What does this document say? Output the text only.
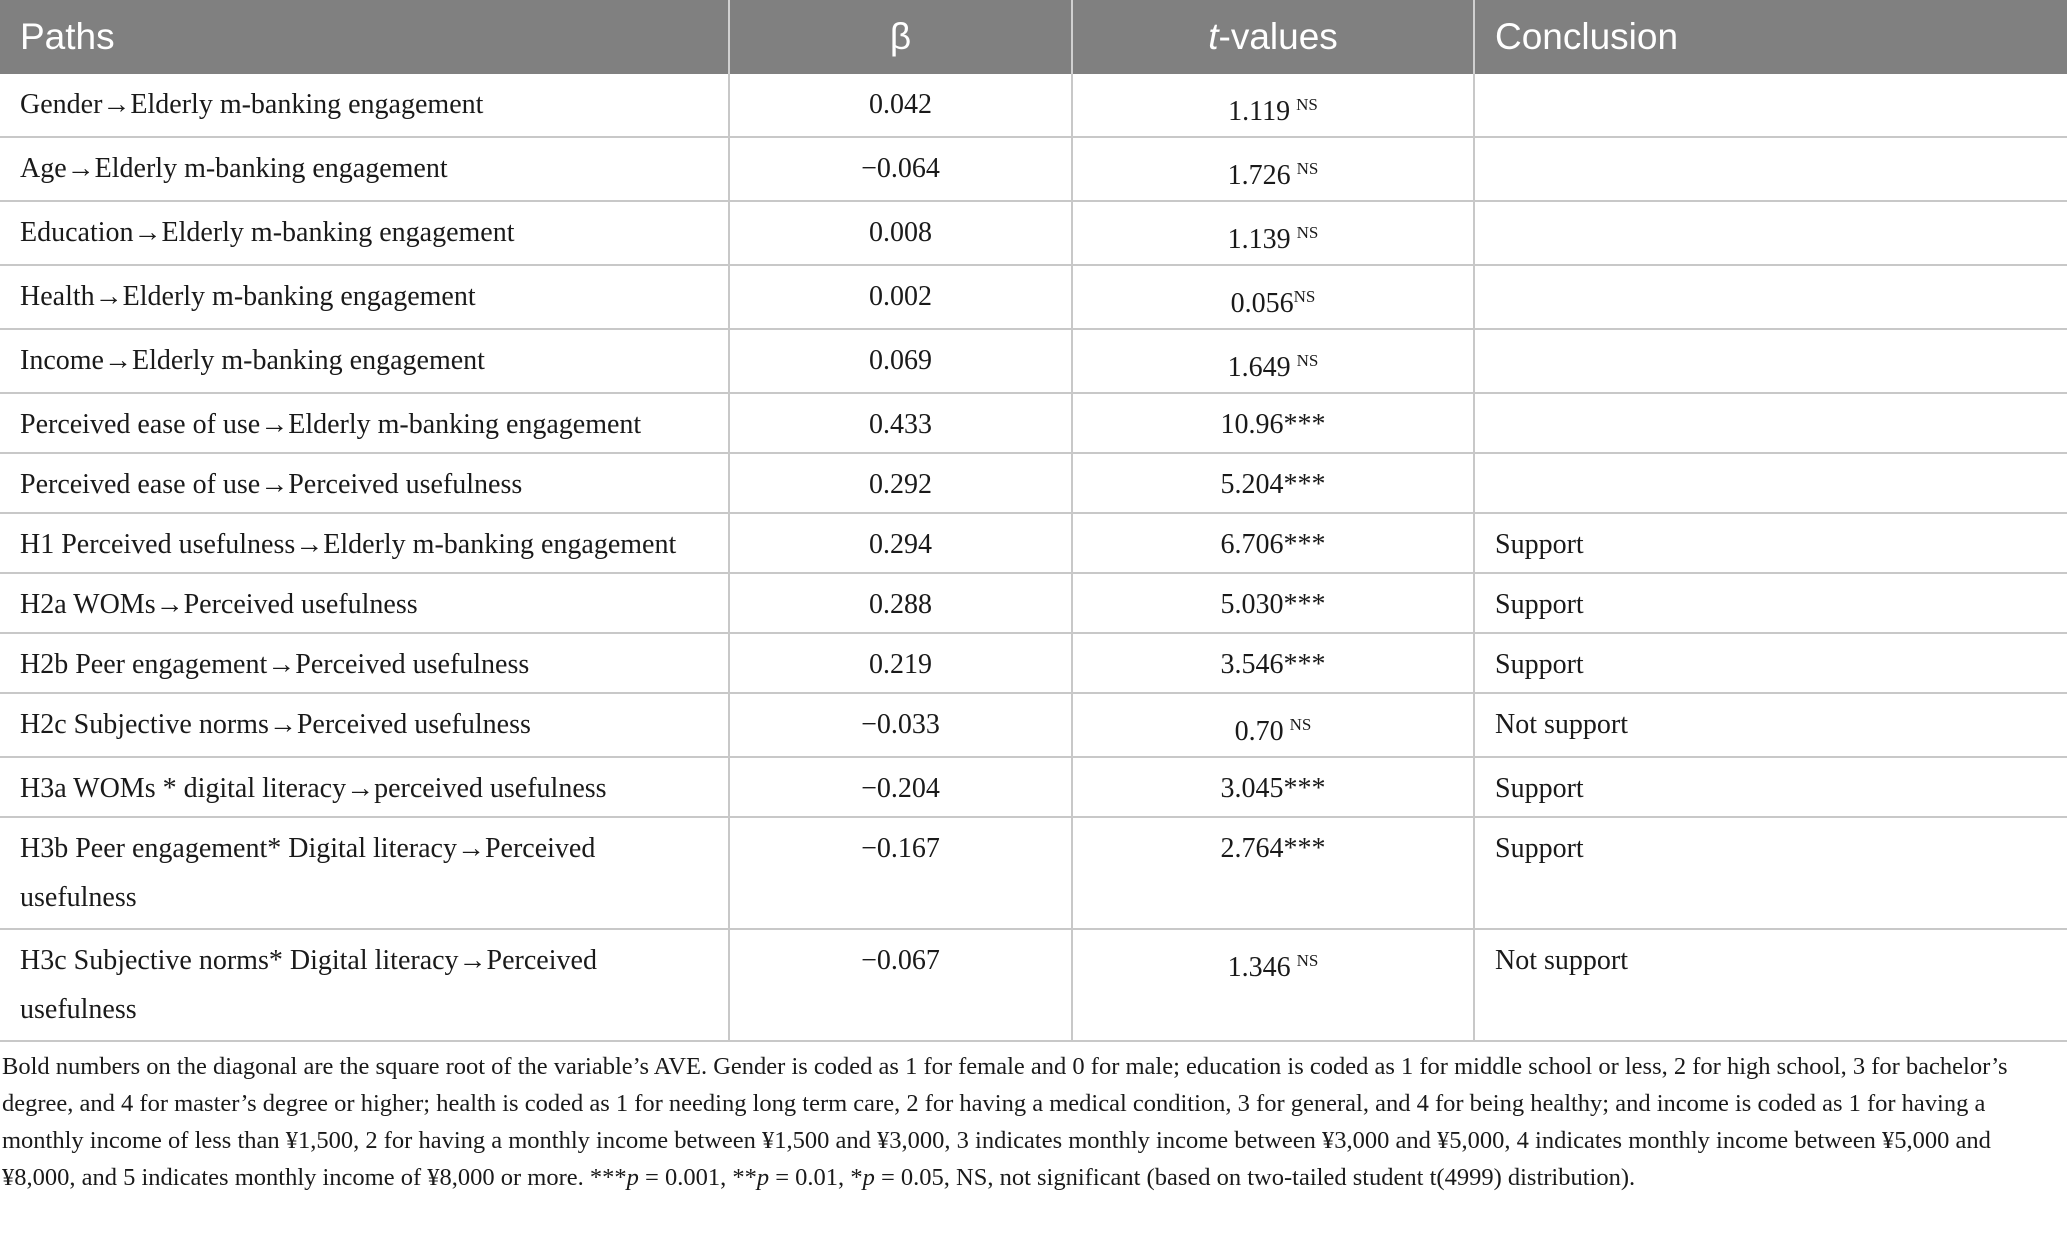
Paths	β	t-values	Conclusion
Gender→Elderly m-banking engagement	0.042	1.119 $^{NS}$	
Age→Elderly m-banking engagement	−0.064	1.726 $^{NS}$	
Education→Elderly m-banking engagement	0.008	1.139 $^{NS}$	
Health→Elderly m-banking engagement	0.002	$0.056^{NS}$	
Income→Elderly m-banking engagement	0.069	1.649 $^{NS}$	
Perceived ease of use→Elderly m-banking engagement	0.433	10.96***	
Perceived ease of use→Perceived usefulness	0.292	5.204***	
H1 Perceived usefulness→Elderly m-banking engagement	0.294	6.706***	Support
H2a WOMs→Perceived usefulness	0.288	5.030***	Support
H2b Peer engagement→Perceived usefulness	0.219	3.546***	Support
H2c Subjective norms→Perceived usefulness	−0.033	0.70 $^{NS}$	Not support
H3a WOMs * digital literacy→perceived usefulness	−0.204	3.045***	Support
H3b Peer engagement* Digital literacy→Perceived usefulness	−0.167	2.764***	Support
H3c Subjective norms* Digital literacy→Perceived usefulness	−0.067	1.346 $^{NS}$	Not support

Bold numbers on the diagonal are the square root of the variable’s AVE. Gender is coded as 1 for female and 0 for male; education is coded as 1 for middle school or less, 2 for high school, 3 for bachelor’s degree, and 4 for master’s degree or higher; health is coded as 1 for needing long term care, 2 for having a medical condition, 3 for general, and 4 for being healthy; and income is coded as 1 for having a monthly income of less than ¥1,500, 2 for having a monthly income between ¥1,500 and ¥3,000, 3 indicates monthly income between ¥3,000 and ¥5,000, 4 indicates monthly income between ¥5,000 and ¥8,000, and 5 indicates monthly income of ¥8,000 or more. ***p = 0.001, **p = 0.01, *p = 0.05, NS, not significant (based on two-tailed student t(4999) distribution).
